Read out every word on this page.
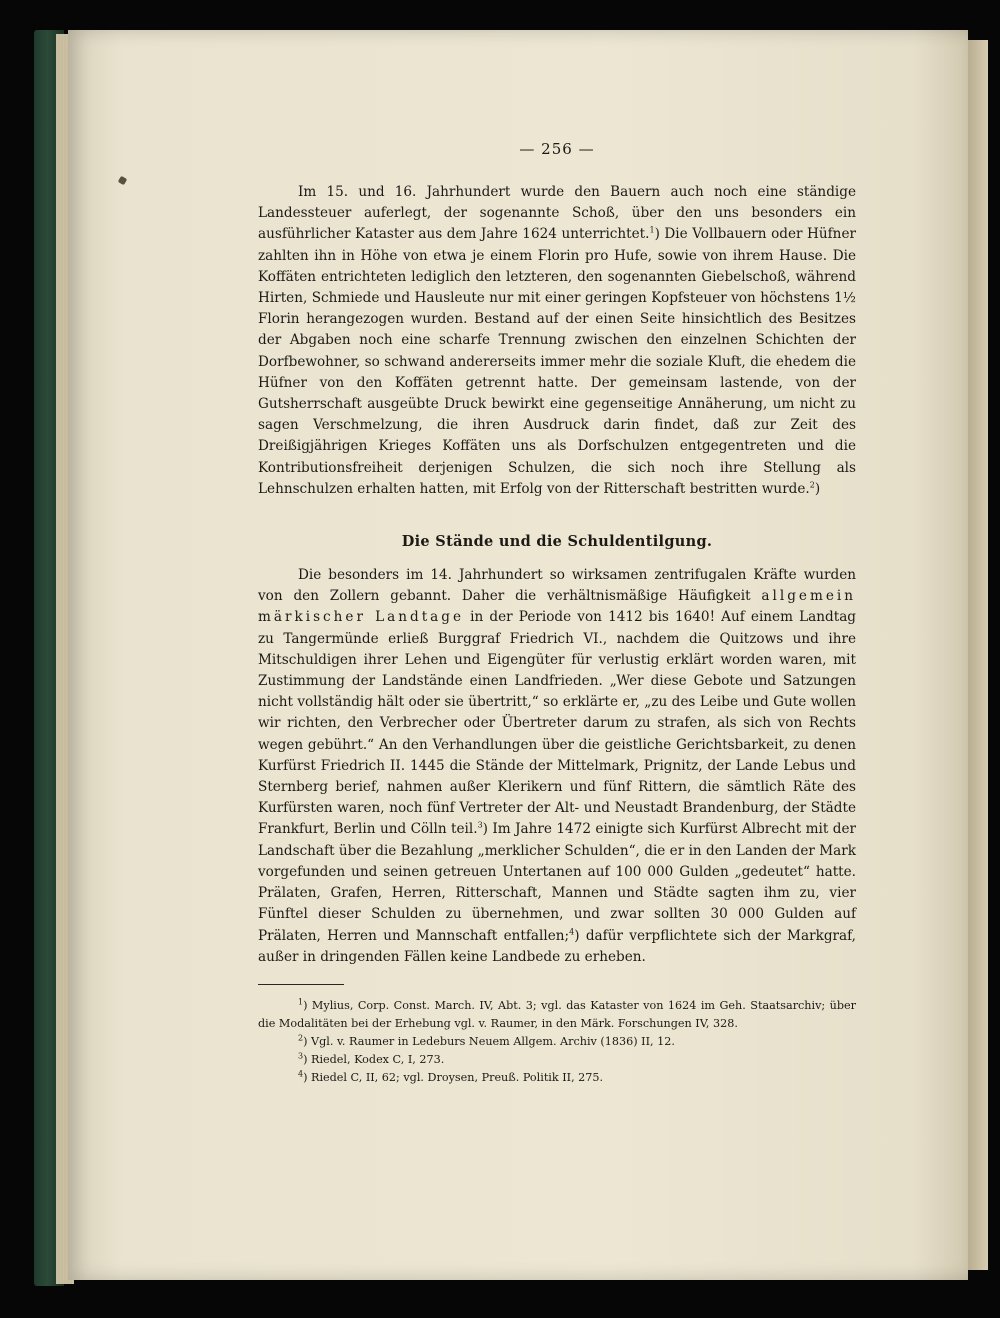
— 256 —

Im 15. und 16. Jahrhundert wurde den Bauern auch noch eine ständige Landessteuer auferlegt, der sogenannte Schoß, über den uns besonders ein ausführlicher Kataster aus dem Jahre 1624 unterrichtet.$^1$) Die Vollbauern oder Hüfner zahlten ihn in Höhe von etwa je einem Florin pro Hufe, sowie von ihrem Hause. Die Koffäten entrichteten lediglich den letzteren, den sogenannten Giebelschoß, während Hirten, Schmiede und Hausleute nur mit einer geringen Kopfsteuer von höchstens 1½ Florin herangezogen wurden. Bestand auf der einen Seite hinsichtlich des Besitzes der Abgaben noch eine scharfe Trennung zwischen den einzelnen Schichten der Dorfbewohner, so schwand andererseits immer mehr die soziale Kluft, die ehedem die Hüfner von den Koffäten getrennt hatte. Der gemeinsam lastende, von der Gutsherrschaft ausgeübte Druck bewirkt eine gegenseitige Annäherung, um nicht zu sagen Verschmelzung, die ihren Ausdruck darin findet, daß zur Zeit des Dreißigjährigen Krieges Koffäten uns als Dorfschulzen entgegentreten und die Kontributionsfreiheit derjenigen Schulzen, die sich noch ihre Stellung als Lehnschulzen erhalten hatten, mit Erfolg von der Ritterschaft bestritten wurde.$^2$)

Die Stände und die Schuldentilgung.

Die besonders im 14. Jahrhundert so wirksamen zentrifugalen Kräfte wurden von den Zollern gebannt. Daher die verhältnismäßige Häufigkeit allgemein märkischer Landtage in der Periode von 1412 bis 1640! Auf einem Landtag zu Tangermünde erließ Burggraf Friedrich VI., nachdem die Quitzows und ihre Mitschuldigen ihrer Lehen und Eigengüter für verlustig erklärt worden waren, mit Zustimmung der Landstände einen Landfrieden. „Wer diese Gebote und Satzungen nicht vollständig hält oder sie übertritt,“ so erklärte er, „zu des Leibe und Gute wollen wir richten, den Verbrecher oder Übertreter darum zu strafen, als sich von Rechts wegen gebührt.“ An den Verhandlungen über die geistliche Gerichtsbarkeit, zu denen Kurfürst Friedrich II. 1445 die Stände der Mittelmark, Prignitz, der Lande Lebus und Sternberg berief, nahmen außer Klerikern und fünf Rittern, die sämtlich Räte des Kurfürsten waren, noch fünf Vertreter der Alt- und Neustadt Brandenburg, der Städte Frankfurt, Berlin und Cölln teil.$^3$) Im Jahre 1472 einigte sich Kurfürst Albrecht mit der Landschaft über die Bezahlung „merklicher Schulden“, die er in den Landen der Mark vorgefunden und seinen getreuen Untertanen auf 100 000 Gulden „gedeutet“ hatte. Prälaten, Grafen, Herren, Ritterschaft, Mannen und Städte sagten ihm zu, vier Fünftel dieser Schulden zu übernehmen, und zwar sollten 30 000 Gulden auf Prälaten, Herren und Mannschaft entfallen;$^4$) dafür verpflichtete sich der Markgraf, außer in dringenden Fällen keine Landbede zu erheben.

$^1$) Mylius, Corp. Const. March. IV, Abt. 3; vgl. das Kataster von 1624 im Geh. Staatsarchiv; über die Modalitäten bei der Erhebung vgl. v. Raumer, in den Märk. Forschungen IV, 328.

$^2$) Vgl. v. Raumer in Ledeburs Neuem Allgem. Archiv (1836) II, 12.

$^3$) Riedel, Kodex C, I, 273.

$^4$) Riedel C, II, 62; vgl. Droysen, Preuß. Politik II, 275.
